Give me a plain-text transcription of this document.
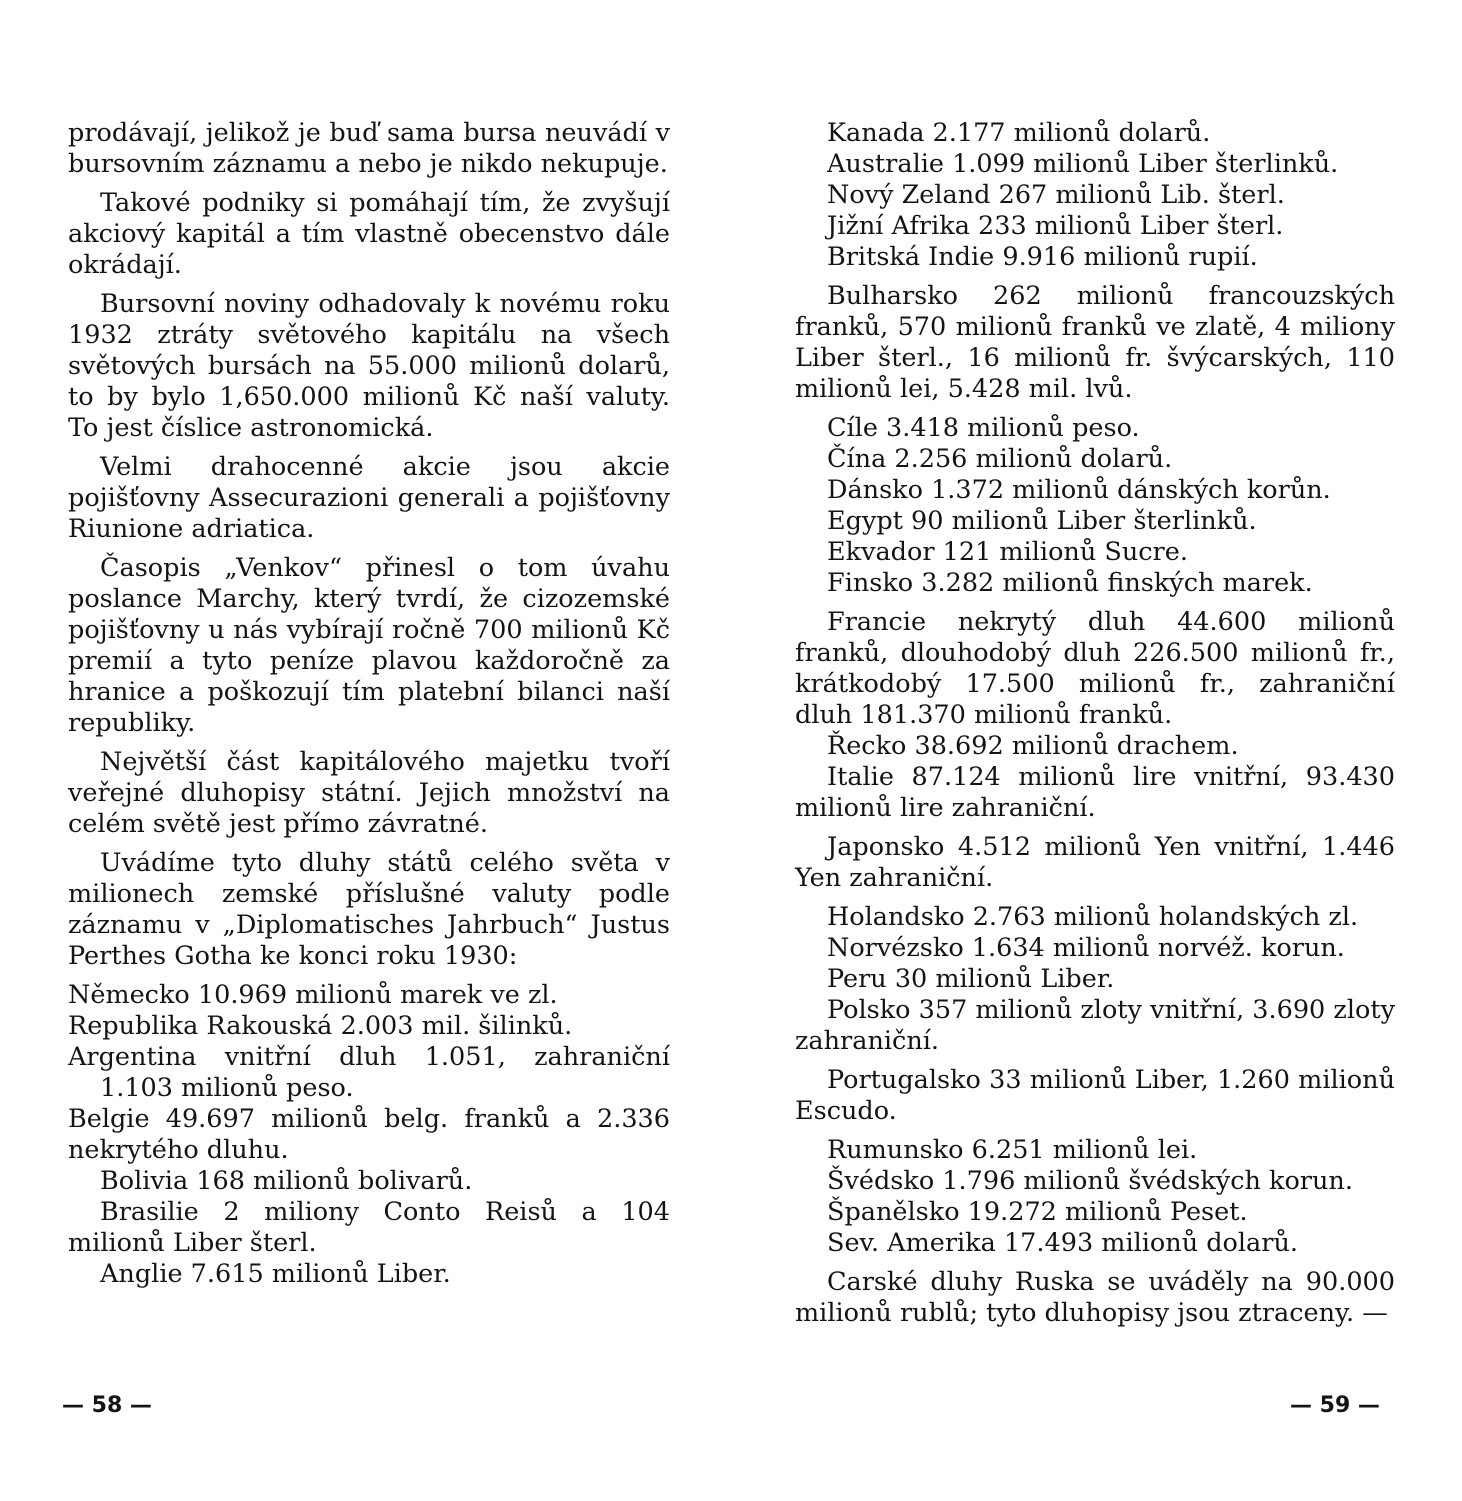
prodávají, jelikož je buď sama bursa neuvádí v bursovním záznamu a nebo je nikdo nekupuje.

Takové podniky si pomáhají tím, že zvyšují akciový kapitál a tím vlastně obecenstvo dále okrádají.

Bursovní noviny odhadovaly k novému roku 1932 ztráty světového kapitálu na všech světových bursách na 55.000 milionů dolarů, to by bylo 1,650.000 milionů Kč naší valuty. To jest číslice astronomická.

Velmi drahocenné akcie jsou akcie pojišťovny Assecurazioni generali a pojišťovny Riunione adriatica.

Časopis „Venkov“ přinesl o tom úvahu poslance Marchy, který tvrdí, že cizozemské pojišťovny u nás vybírají ročně 700 milionů Kč premií a tyto peníze plavou každoročně za hranice a poškozují tím platební bilanci naší republiky.

Největší část kapitálového majetku tvoří veřejné dluhopisy státní. Jejich množství na celém světě jest přímo závratné.

Uvádíme tyto dluhy států celého světa v milionech zemské příslušné valuty podle záznamu v „Diplomatisches Jahrbuch“ Justus Perthes Gotha ke konci roku 1930:

Německo 10.969 milionů marek ve zl.

Republika Rakouská 2.003 mil. šilinků.

Argentina vnitřní dluh 1.051, zahraniční 1.103 milionů peso.

Belgie 49.697 milionů belg. franků a 2.336 nekrytého dluhu.

Bolivia 168 milionů bolivarů.

Brasilie 2 miliony Conto Reisů a 104 milionů Liber šterl.

Anglie 7.615 milionů Liber.

Kanada 2.177 milionů dolarů.

Australie 1.099 milionů Liber šterlinků.

Nový Zeland 267 milionů Lib. šterl.

Jižní Afrika 233 milionů Liber šterl.

Britská Indie 9.916 milionů rupií.

Bulharsko 262 milionů francouzských franků, 570 milionů franků ve zlatě, 4 miliony Liber šterl., 16 milionů fr. švýcarských, 110 milionů lei, 5.428 mil. lvů.

Cíle 3.418 milionů peso.

Čína 2.256 milionů dolarů.

Dánsko 1.372 milionů dánských korůn.

Egypt 90 milionů Liber šterlinků.

Ekvador 121 milionů Sucre.

Finsko 3.282 milionů finských marek.

Francie nekrytý dluh 44.600 milionů franků, dlouhodobý dluh 226.500 milionů fr., krátkodobý 17.500 milionů fr., zahraniční dluh 181.370 milionů franků.

Řecko 38.692 milionů drachem.

Italie 87.124 milionů lire vnitřní, 93.430 milionů lire zahraniční.

Japonsko 4.512 milionů Yen vnitřní, 1.446 Yen zahraniční.

Holandsko 2.763 milionů holandských zl.

Norvézsko 1.634 milionů norvéž. korun.

Peru 30 milionů Liber.

Polsko 357 milionů zloty vnitřní, 3.690 zloty zahraniční.

Portugalsko 33 milionů Liber, 1.260 milionů Escudo.

Rumunsko 6.251 milionů lei.

Švédsko 1.796 milionů švédských korun.

Španělsko 19.272 milionů Peset.

Sev. Amerika 17.493 milionů dolarů.

Carské dluhy Ruska se uváděly na 90.000 milionů rublů; tyto dluhopisy jsou ztraceny. —

— 58 —	— 59 —
